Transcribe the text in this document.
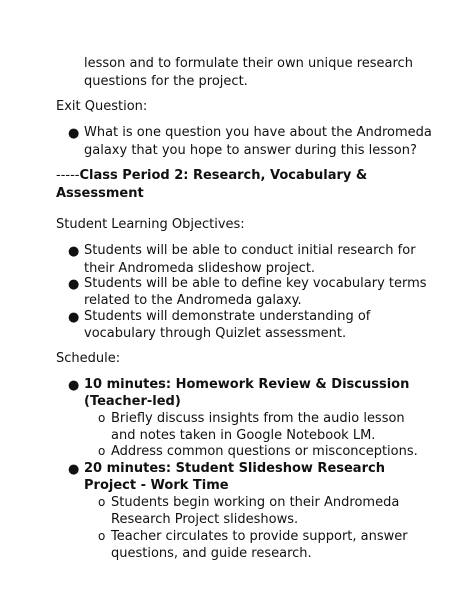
lesson and to formulate their own unique research
questions for the project.
Exit Question:
● What is one question you have about the Andromeda
galaxy that you hope to answer during this lesson?
-----Class Period 2: Research, Vocabulary &
Assessment
Student Learning Objectives:
● Students will be able to conduct initial research for
their Andromeda slideshow project.
● Students will be able to define key vocabulary terms
related to the Andromeda galaxy.
● Students will demonstrate understanding of
vocabulary through Quizlet assessment.
Schedule:
● 10 minutes: Homework Review & Discussion
(Teacher-led)
o Briefly discuss insights from the audio lesson
and notes taken in Google Notebook LM.
o Address common questions or misconceptions.
● 20 minutes: Student Slideshow Research
Project - Work Time
o Students begin working on their Andromeda
Research Project slideshows.
o Teacher circulates to provide support, answer
questions, and guide research.
